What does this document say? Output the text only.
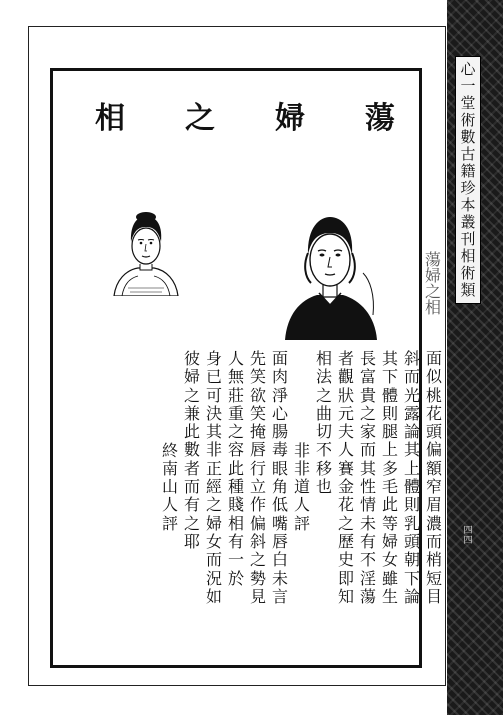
蕩
婦
之
相
蕩
婦
之
相
面
似
桃
花
頭
偏
額
窄
眉
濃
而
梢
短
目
斜
而
光
露
論
其
上
體
則
乳
頭
朝
下
論
其
下
體
則
腿
上
多
毛
此
等
婦
女
雖
生
長
富
貴
之
家
而
其
性
情
未
有
不
淫
蕩
者
觀
狀
元
夫
人
賽
金
花
之
歷
史
即
知
相
法
之
曲
切
不
移
也
非
非
道
人
評
面
肉
淨
心
腸
毒
眼
角
低
嘴
唇
白
未
言
先
笑
欲
笑
掩
唇
行
立
作
偏
斜
之
勢
見
人
無
莊
重
之
容
此
種
賤
相
有
一
於
身
已
可
決
其
非
正
經
之
婦
女
而
況
如
彼
婦
之
兼
此
數
者
而
有
之
耶
終
南
山
人
評
心
一
堂
術
數
古
籍
珍
本
叢
刊
相
術
類
四
四
